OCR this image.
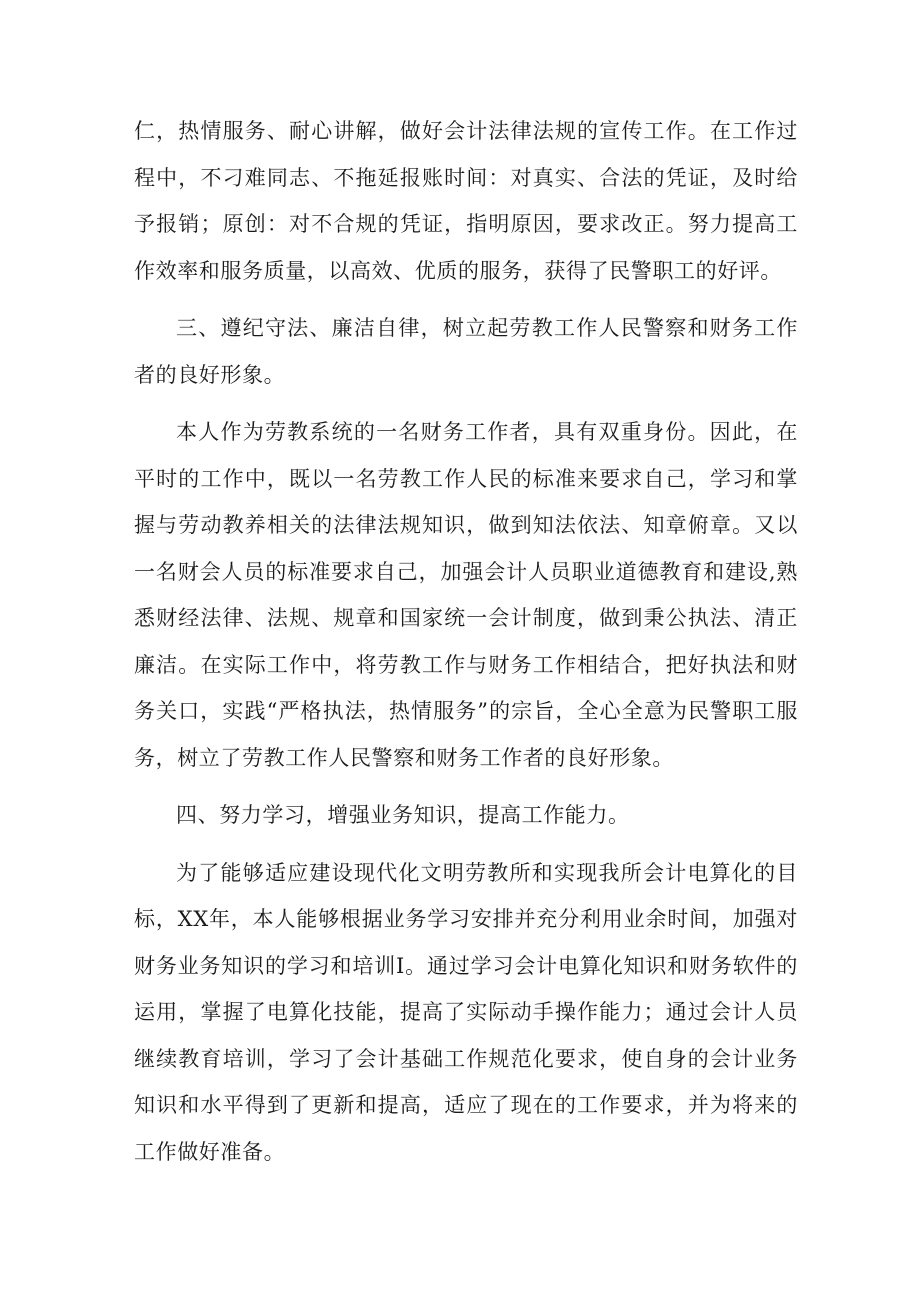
仁，热情服务、耐心讲解，做好会计法律法规的宣传工作。在工作过程中，不刁难同志、不拖延报账时间：对真实、合法的凭证，及时给予报销；原创：对不合规的凭证，指明原因，要求改正。努力提高工作效率和服务质量，以高效、优质的服务，获得了民警职工的好评。

三、遵纪守法、廉洁自律，树立起劳教工作人民警察和财务工作者的良好形象。

本人作为劳教系统的一名财务工作者，具有双重身份。因此，在平时的工作中，既以一名劳教工作人民的标准来要求自己，学习和掌握与劳动教养相关的法律法规知识，做到知法依法、知章俯章。又以一名财会人员的标准要求自己，加强会计人员职业道德教育和建设,熟悉财经法律、法规、规章和国家统一会计制度，做到秉公执法、清正廉洁。在实际工作中，将劳教工作与财务工作相结合，把好执法和财务关口，实践“严格执法，热情服务”的宗旨，全心全意为民警职工服务，树立了劳教工作人民警察和财务工作者的良好形象。

四、努力学习，增强业务知识，提高工作能力。

为了能够适应建设现代化文明劳教所和实现我所会计电算化的目标，XX年，本人能够根据业务学习安排并充分利用业余时间，加强对财务业务知识的学习和培训I。通过学习会计电算化知识和财务软件的运用，掌握了电算化技能，提高了实际动手操作能力；通过会计人员继续教育培训，学习了会计基础工作规范化要求，使自身的会计业务知识和水平得到了更新和提高，适应了现在的工作要求，并为将来的工作做好准备。
